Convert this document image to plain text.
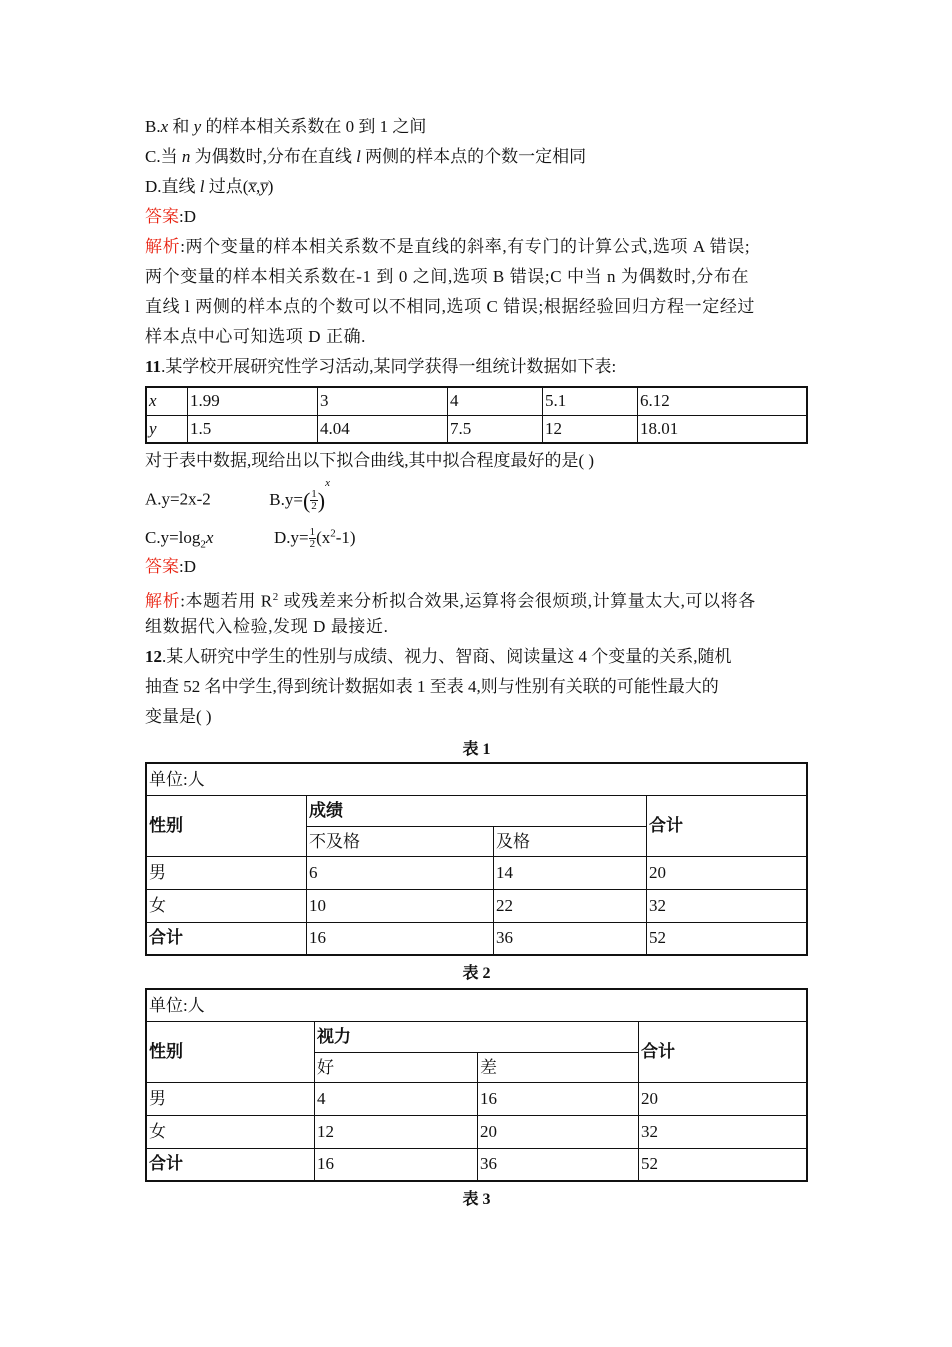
B.x 和 y 的样本相关系数在 0 到 1 之间
C.当 n 为偶数时,分布在直线 l 两侧的样本点的个数一定相同
D.直线 l 过点(x̅,y̅)
答案:D
解析:两个变量的样本相关系数不是直线的斜率,有专门的计算公式,选项 A 错误;
两个变量的样本相关系数在-1 到 0 之间,选项 B 错误;C 中当 n 为偶数时,分布在
直线 l 两侧的样本点的个数可以不相同,选项 C 错误;根据经验回归方程一定经过
样本点中心可知选项 D 正确.
11.某学校开展研究性学习活动,某同学获得一组统计数据如下表:
x	1.99	3	4	5.1	6.12
y	1.5	4.04	7.5	12	18.01
对于表中数据,现给出以下拟合曲线,其中拟合程度最好的是( )
A.y=2x-2	$B.y=( \frac{1}{2})^x$
$C.y=\log_2x$	$D.y= \frac{1}{2}(x^2-1)$
答案:D
解析:本题若用 $R^2$ 或残差来分析拟合效果,运算将会很烦琐,计算量太大,可以将各
组数据代入检验,发现 D 最接近.
12.某人研究中学生的性别与成绩、视力、智商、阅读量这 4 个变量的关系,随机
抽查 52 名中学生,得到统计数据如表 1 至表 4,则与性别有关联的可能性最大的
变量是( )
表 1
单位:人			
性别	成绩		合计
	不及格	及格	
男	6	14	20
女	10	22	32
合计	16	36	52
表 2
单位:人			
性别	视力		合计
	好	差	
男	4	16	20
女	12	20	32
合计	16	36	52
表 3
